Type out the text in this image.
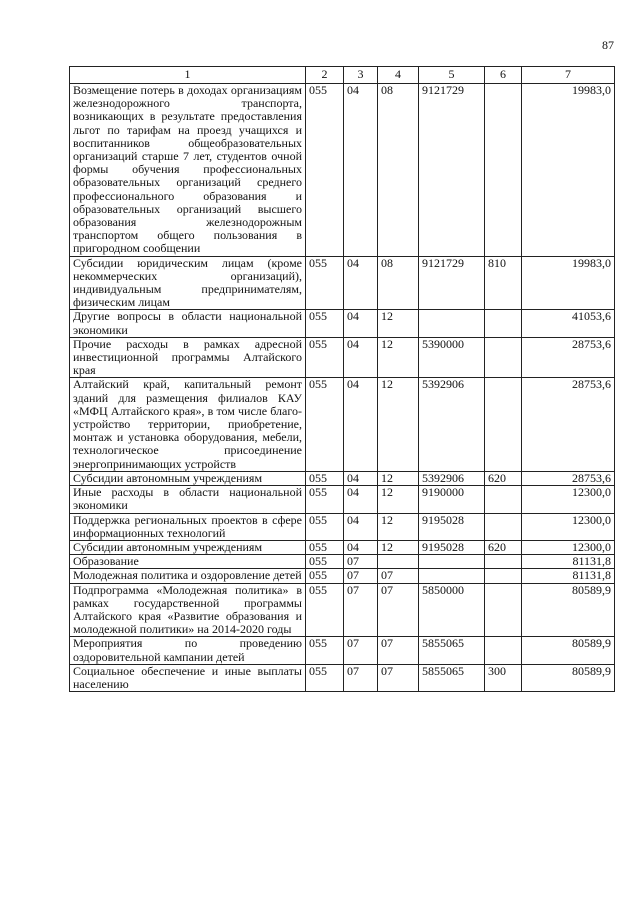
87
1	2	3	4	5	6	7
Возмещение потерь в доходах организациям железнодорожного транспорта, возникающих в результате предоставления льгот по тарифам на проезд учащихся и воспитанников общеобразовательных организаций старше 7 лет, студентов очной формы обучения профессиональных образовательных организаций среднего профессионального образования и образовательных организаций высшего образования железнодорожным транспортом общего пользования в пригородном сообщении	055	04	08	9121729		19983,0
Субсидии юридическим лицам (кроме некоммерческих организаций), индивидуальным предпринимателям, физическим лицам	055	04	08	9121729	810	19983,0
Другие вопросы в области национальной экономики	055	04	12			41053,6
Прочие расходы в рамках адресной инвестиционной программы Алтайского края	055	04	12	5390000		28753,6
Алтайский край, капитальный ремонт зданий для размещения филиалов КАУ «МФЦ Алтайского края», в том числе благо-устройство территории, приобретение, монтаж и установка оборудования, мебели, технологическое присоединение энергопринимающих устройств	055	04	12	5392906		28753,6
Субсидии автономным учреждениям	055	04	12	5392906	620	28753,6
Иные расходы в области национальной экономики	055	04	12	9190000		12300,0
Поддержка региональных проектов в сфере информационных технологий	055	04	12	9195028		12300,0
Субсидии автономным учреждениям	055	04	12	9195028	620	12300,0
Образование	055	07				81131,8
Молодежная политика и оздоровление детей	055	07	07			81131,8
Подпрограмма «Молодежная политика» в рамках государственной программы Алтайского края «Развитие образования и молодежной политики» на 2014-2020 годы	055	07	07	5850000		80589,9
Мероприятия по проведению оздоровительной кампании детей	055	07	07	5855065		80589,9
Социальное обеспечение и иные выплаты населению	055	07	07	5855065	300	80589,9
